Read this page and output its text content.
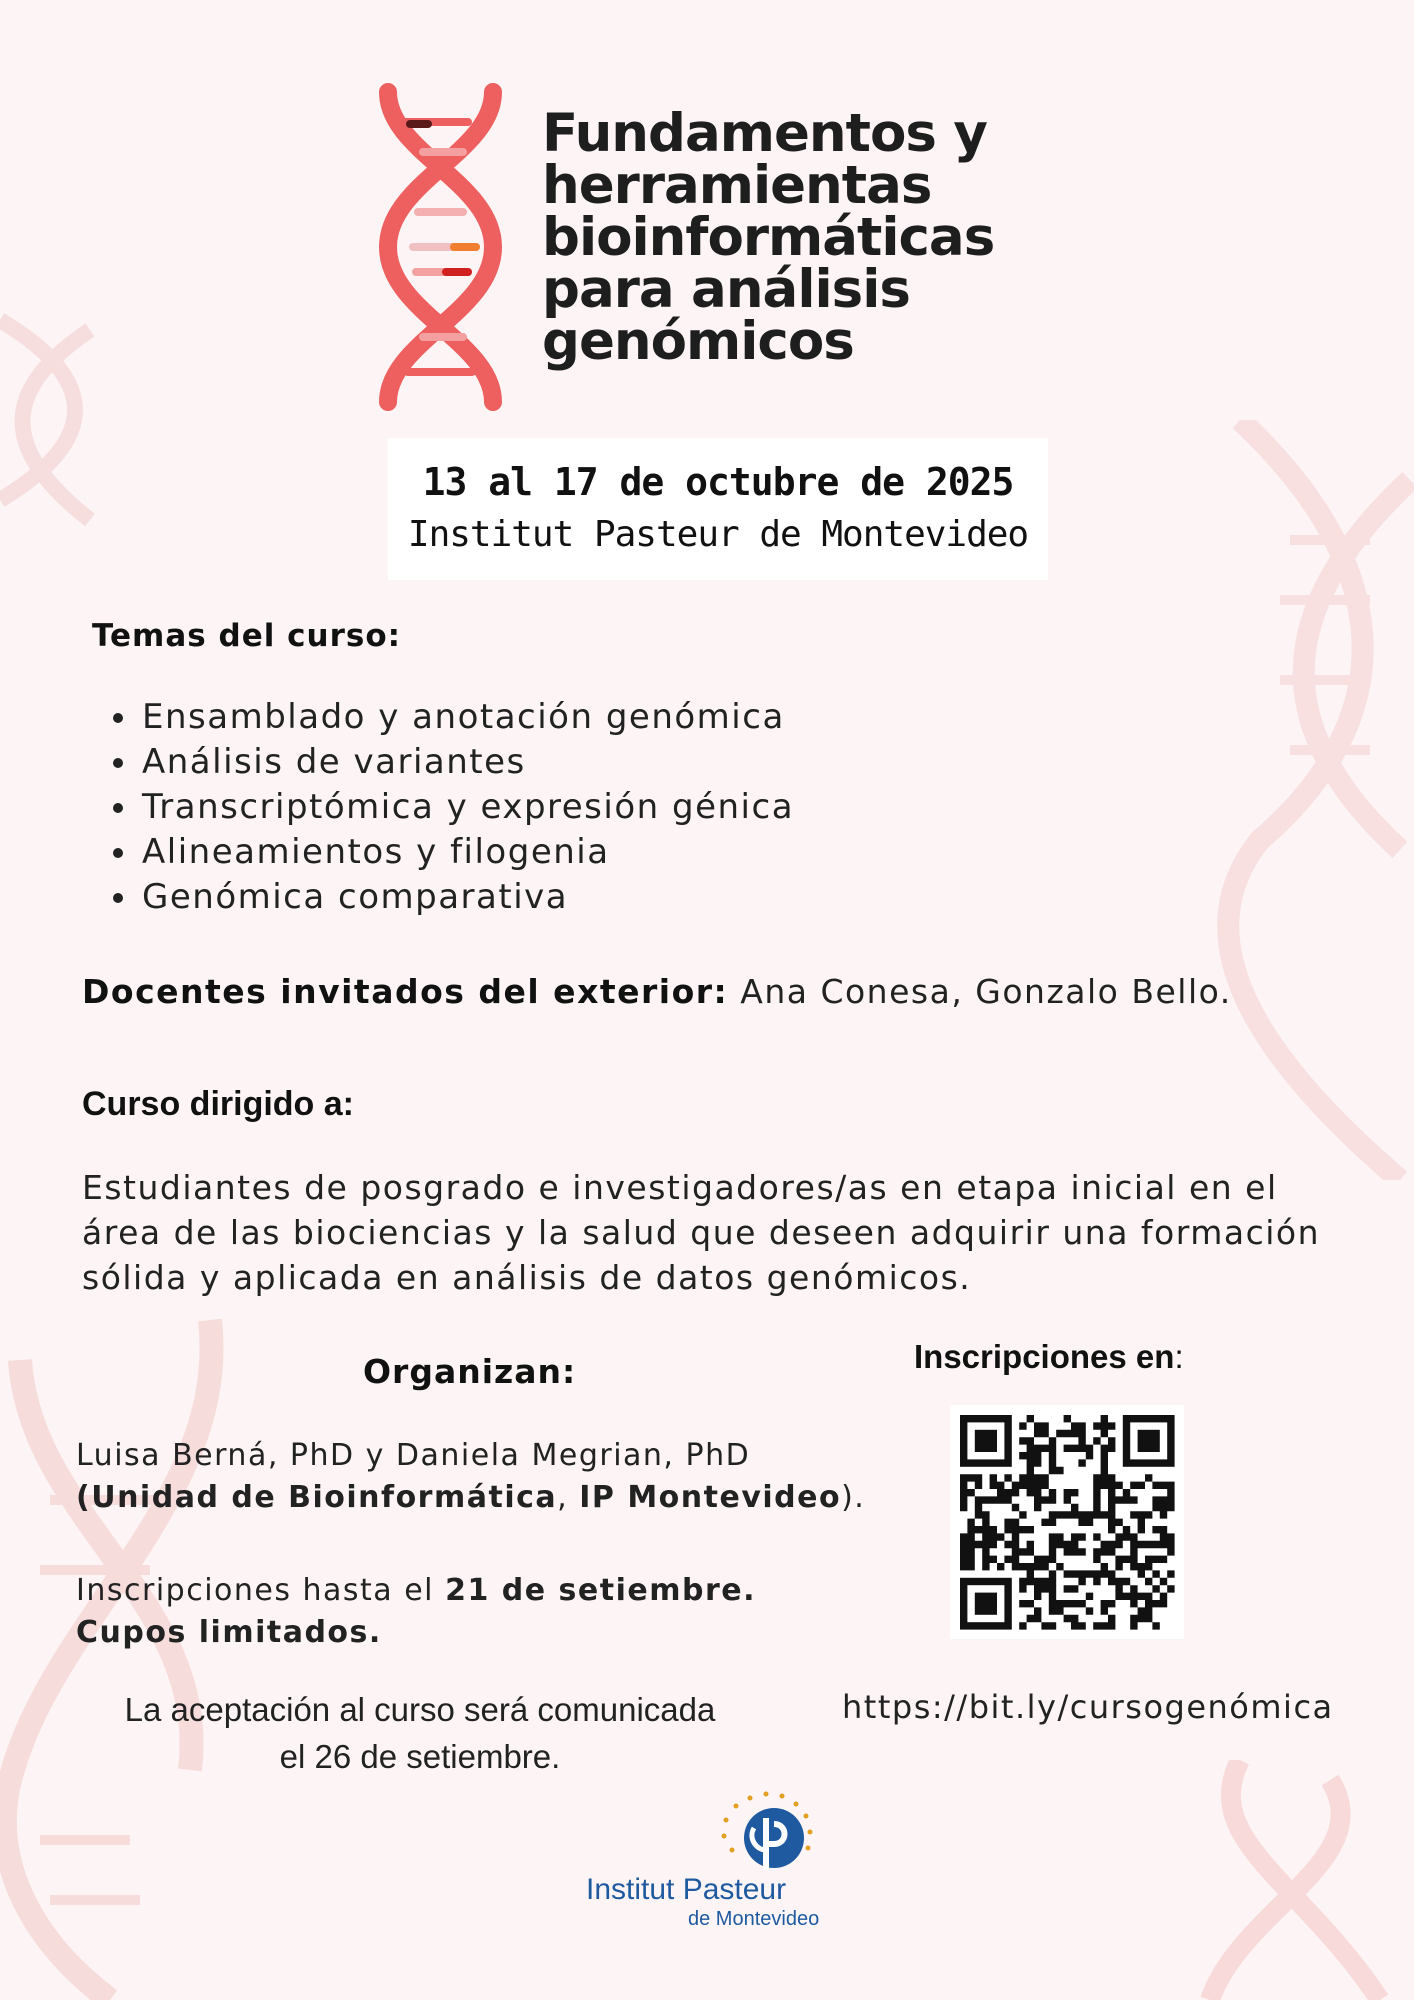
Fundamentos y
herramientas
bioinformáticas
para análisis
genómicos
13 al 17 de octubre de 2025
Institut Pasteur de Montevideo
Temas del curso:
• Ensamblado y anotación genómica
• Análisis de variantes
• Transcriptómica y expresión génica
• Alineamientos y filogenia
• Genómica comparativa
Docentes invitados del exterior: Ana Conesa, Gonzalo Bello.
Curso dirigido a:
Estudiantes de posgrado e investigadores/as en etapa inicial en el área de las biociencias y la salud que deseen adquirir una formación sólida y aplicada en análisis de datos genómicos.
Organizan:
Luisa Berná, PhD y Daniela Megrian, PhD
(Unidad de Bioinformática, IP Montevideo).
Inscripciones hasta el 21 de setiembre.
Cupos limitados.
La aceptación al curso será comunicada
el 26 de setiembre.
Inscripciones en:
https://bit.ly/cursogenómica
Institut Pasteur
de Montevideo
